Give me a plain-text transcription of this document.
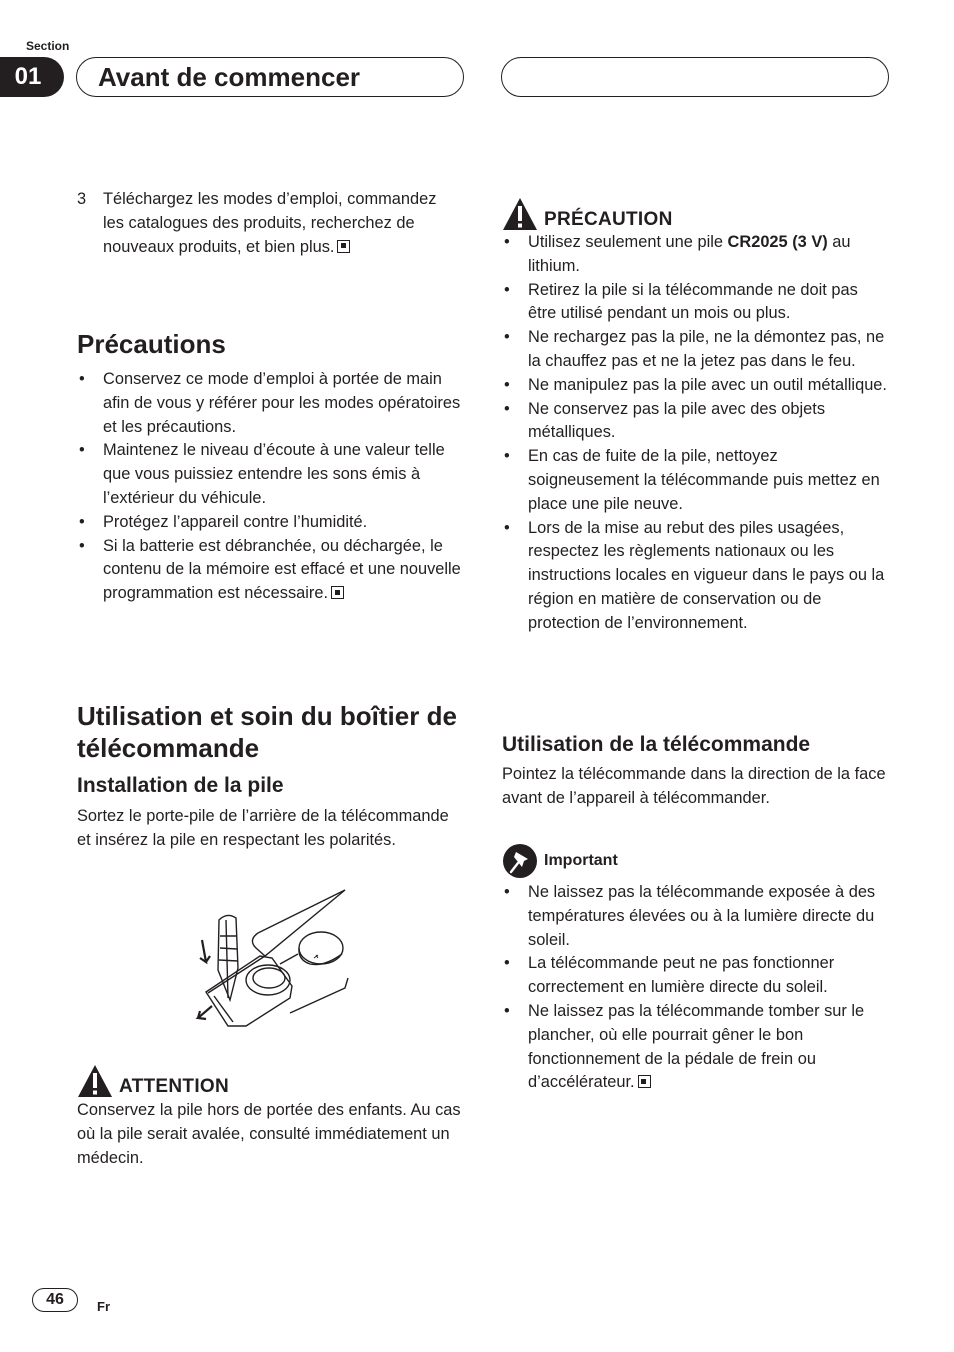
Section
01	Avant de commencer

3 Téléchargez les modes d’emploi, commandez les catalogues des produits, recherchez de nouveaux produits, et bien plus.

Précautions
• Conservez ce mode d’emploi à portée de main afin de vous y référer pour les modes opératoires et les précautions.
• Maintenez le niveau d’écoute à une valeur telle que vous puissiez entendre les sons émis à l’extérieur du véhicule.
• Protégez l’appareil contre l’humidité.
• Si la batterie est débranchée, ou déchargée, le contenu de la mémoire est effacé et une nouvelle programmation est nécessaire.
Utilisation et soin du boîtier de télécommande
Installation de la pile

Sortez le porte-pile de l’arrière de la télécommande et insérez la pile en respectant les polarités.

ATTENTION

Conservez la pile hors de portée des enfants. Au cas où la pile serait avalée, consulté immédiatement un médecin.

PRÉCAUTION
• Utilisez seulement une pile CR2025 (3 V) au lithium.
• Retirez la pile si la télécommande ne doit pas être utilisé pendant un mois ou plus.
• Ne rechargez pas la pile, ne la démontez pas, ne la chauffez pas et ne la jetez pas dans le feu.
• Ne manipulez pas la pile avec un outil métallique.
• Ne conservez pas la pile avec des objets métalliques.
• En cas de fuite de la pile, nettoyez soigneusement la télécommande puis mettez en place une pile neuve.
• Lors de la mise au rebut des piles usagées, respectez les règlements nationaux ou les instructions locales en vigueur dans le pays ou la région en matière de conservation ou de protection de l’environnement.
Utilisation de la télécommande

Pointez la télécommande dans la direction de la face avant de l’appareil à télécommander.

Important
• Ne laissez pas la télécommande exposée à des températures élevées ou à la lumière directe du soleil.
• La télécommande peut ne pas fonctionner correctement en lumière directe du soleil.
• Ne laissez pas la télécommande tomber sur le plancher, où elle pourrait gêner le bon fonctionnement de la pédale de frein ou d’accélérateur.
46	Fr
